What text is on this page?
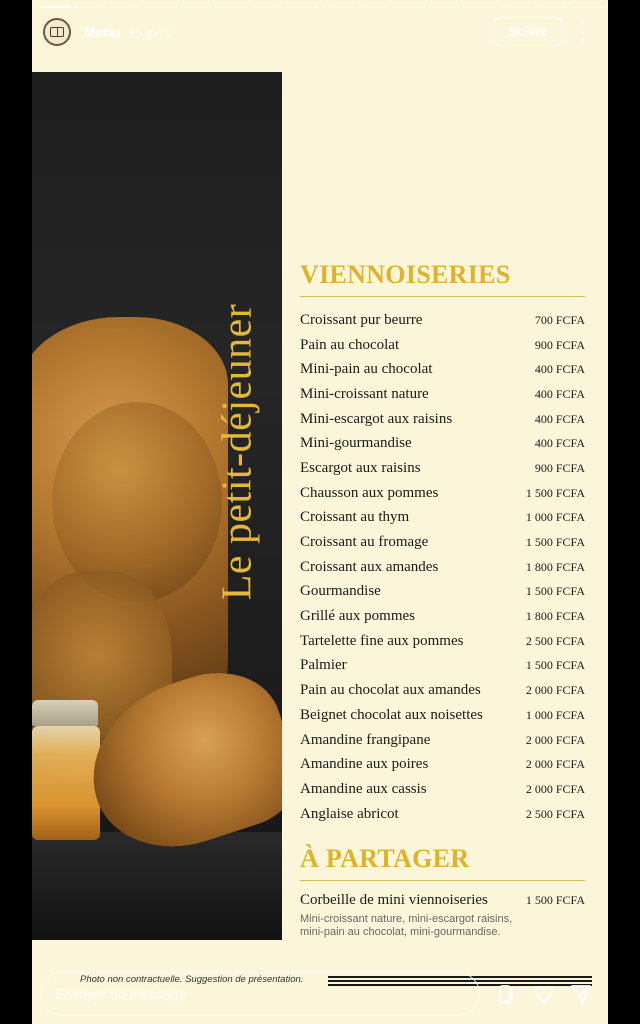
Menu 15 avril	Suivre
Le petit-déjeuner
VIENNOISERIES
Croissant pur beurre	700 FCFA
Pain au chocolat	900 FCFA
Mini-pain au chocolat	400 FCFA
Mini-croissant nature	400 FCFA
Mini-escargot aux raisins	400 FCFA
Mini-gourmandise	400 FCFA
Escargot aux raisins	900 FCFA
Chausson aux pommes	1 500 FCFA
Croissant au thym	1 000 FCFA
Croissant au fromage	1 500 FCFA
Croissant aux amandes	1 800 FCFA
Gourmandise	1 500 FCFA
Grillé aux pommes	1 800 FCFA
Tartelette fine aux pommes	2 500 FCFA
Palmier	1 500 FCFA
Pain au chocolat aux amandes	2 000 FCFA
Beignet chocolat aux noisettes	1 000 FCFA
Amandine frangipane	2 000 FCFA
Amandine aux poires	2 000 FCFA
Amandine aux cassis	2 000 FCFA
Anglaise abricot	2 500 FCFA
À PARTAGER
Corbeille de mini viennoiseries	1 500 FCFA
Mini-croissant nature, mini-escargot raisins, mini-pain au chocolat, mini-gourmandise.
Photo non contractuelle. Suggestion de présentation.
Envoyer un message
